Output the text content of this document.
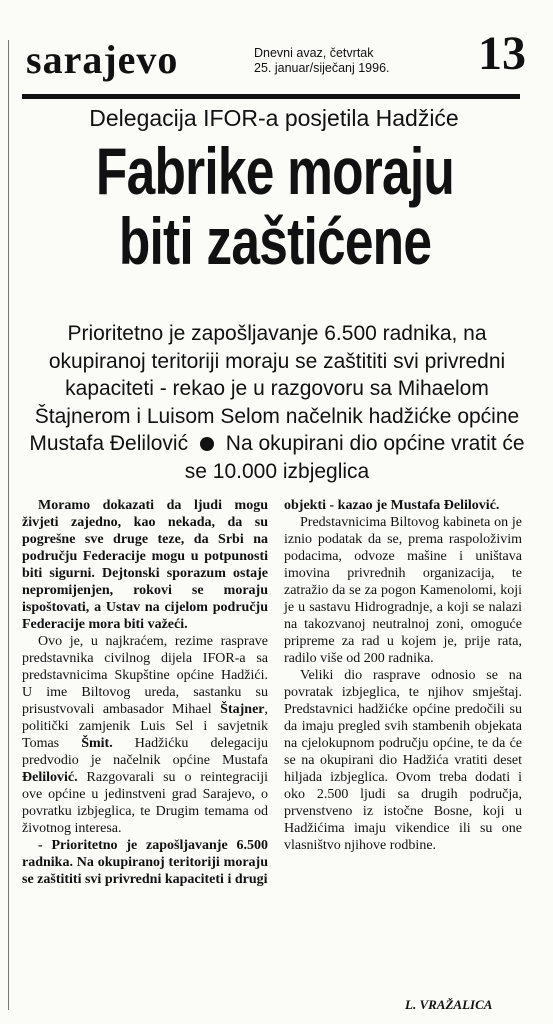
sarajevo	Dnevni avaz, četvrtak
25. januar/siječanj 1996. 13
Delegacija IFOR-a posjetila Hadžiće
Fabrike moraju
biti zaštićene
Prioritetno je zapošljavanje 6.500 radnika, na okupiranoj teritoriji moraju se zaštititi svi privredni kapaciteti - rekao je u razgovoru sa Mihaelom Štajnerom i Luisom Selom načelnik hadžićke općine Mustafa Đelilović Na okupirani dio općine vratit će se 10.000 izbjeglica

Moramo dokazati da ljudi mogu živjeti zajedno, kao nekada, da su pogrešne sve druge teze, da Srbi na području Federacije mogu u potpunosti biti sigurni. Dejtonski sporazum ostaje nepromijenjen, rokovi se moraju ispoštovati, a Ustav na cijelom području Federacije mora biti važeći.

Ovo je, u najkraćem, rezime rasprave predstavnika civilnog dijela IFOR-a sa predstavnicima Skupštine općine Hadžići. U ime Biltovog ureda, sastanku su prisustvovali ambasador Mihael Štajner, politički zamjenik Luis Sel i savjetnik Tomas Šmit. Hadžićku delegaciju predvodio je načelnik općine Mustafa Đelilović. Razgovarali su o reintegraciji ove općine u jedinstveni grad Sarajevo, o povratku izbjeglica, te Drugim temama od životnog interesa.

- Prioritetno je zapošljavanje 6.500 radnika. Na okupiranoj teritoriji moraju se zaštititi svi privredni kapaciteti i drugi

objekti - kazao je Mustafa Đelilović.

Predstavnicima Biltovog kabineta on je iznio podatak da se, prema raspoloživim podacima, odvoze mašine i uništava imovina privrednih organizacija, te zatražio da se za pogon Kamenolomi, koji je u sastavu Hidrogradnje, a koji se nalazi na takozvanoj neutralnoj zoni, omoguće pripreme za rad u kojem je, prije rata, radilo više od 200 radnika.

Veliki dio rasprave odnosio se na povratak izbjeglica, te njihov smještaj. Predstavnici hadžićke općine predočili su da imaju pregled svih stambenih objekata na cjelokupnom području općine, te da će se na okupirani dio Hadžića vratiti deset hiljada izbjeglica. Ovom treba dodati i oko 2.500 ljudi sa drugih područja, prvenstveno iz istočne Bosne, koji u Hadžićima imaju vikendice ili su one vlasništvo njihove rodbine.

L. VRAŽALICA
